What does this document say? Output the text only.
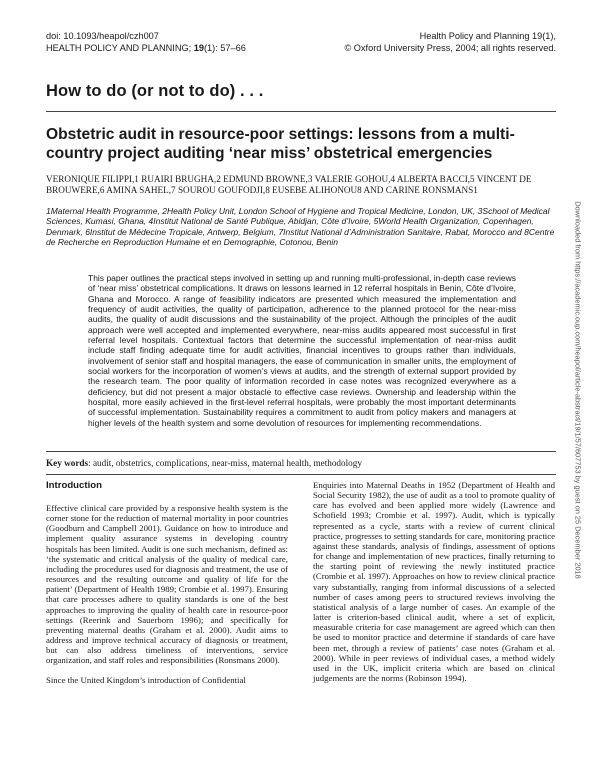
doi: 10.1093/heapol/czh007
HEALTH POLICY AND PLANNING; 19(1): 57–66
Health Policy and Planning 19(1),
© Oxford University Press, 2004; all rights reserved.
How to do (or not to do) . . .
Obstetric audit in resource-poor settings: lessons from a multi-country project auditing ‘near miss’ obstetrical emergencies
VERONIQUE FILIPPI,1 RUAIRI BRUGHA,2 EDMUND BROWNE,3 VALERIE GOHOU,4 ALBERTA BACCI,5 VINCENT DE BROUWERE,6 AMINA SAHEL,7 SOUROU GOUFODJI,8 EUSEBE ALIHONOU8 AND CARINE RONSMANS1
1Maternal Health Programme, 2Health Policy Unit, London School of Hygiene and Tropical Medicine, London, UK, 3School of Medical Sciences, Kumasi, Ghana, 4Institut National de Santé Publique, Abidjan, Côte d’Ivoire, 5World Health Organization, Copenhagen, Denmark, 6Institut de Médecine Tropicale, Antwerp, Belgium, 7Institut National d’Administration Sanitaire, Rabat, Morocco and 8Centre de Recherche en Reproduction Humaine et en Demographie, Cotonou, Benin
This paper outlines the practical steps involved in setting up and running multi-professional, in-depth case reviews of ‘near miss’ obstetrical complications. It draws on lessons learned in 12 referral hospitals in Benin, Côte d’Ivoire, Ghana and Morocco. A range of feasibility indicators are presented which measured the implementation and frequency of audit activities, the quality of participation, adherence to the planned protocol for the near-miss audits, the quality of audit discussions and the sustainability of the project. Although the principles of the audit approach were well accepted and implemented everywhere, near-miss audits appeared most successful in first referral level hospitals. Contextual factors that determine the successful implementation of near-miss audit include staff finding adequate time for audit activities, financial incentives to groups rather than individuals, involvement of senior staff and hospital managers, the ease of communication in smaller units, the employment of social workers for the incorporation of women’s views at audits, and the strength of external support provided by the research team. The poor quality of information recorded in case notes was recognized everywhere as a deficiency, but did not present a major obstacle to effective case reviews. Ownership and leadership within the hospital, more easily achieved in the first-level referral hospitals, were probably the most important determinants of successful implementation. Sustainability requires a commitment to audit from policy makers and managers at higher levels of the health system and some devolution of resources for implementing recommendations.
Key words: audit, obstetrics, complications, near-miss, maternal health, methodology
Introduction

Effective clinical care provided by a responsive health system is the corner stone for the reduction of maternal mortality in poor countries (Goodburn and Campbell 2001). Guidance on how to introduce and implement quality assurance systems in developing country hospitals has been limited. Audit is one such mechanism, defined as: ‘the systematic and critical analysis of the quality of medical care, including the procedures used for diagnosis and treatment, the use of resources and the resulting outcome and quality of life for the patient’ (Department of Health 1989; Crombie et al. 1997). Ensuring that care processes adhere to quality standards is one of the best approaches to improving the quality of health care in resource-poor settings (Reerink and Sauerborn 1996); and specifically for preventing maternal deaths (Graham et al. 2000). Audit aims to address and improve technical accuracy of diagnosis or treatment, but can also address timeliness of interventions, service organization, and staff roles and responsibilities (Ronsmans 2000).

Since the United Kingdom’s introduction of Confidential

Enquiries into Maternal Deaths in 1952 (Department of Health and Social Security 1982), the use of audit as a tool to promote quality of care has evolved and been applied more widely (Lawrence and Schofield 1993; Crombie et al. 1997). Audit, which is typically represented as a cycle, starts with a review of current clinical practice, progresses to setting standards for care, monitoring practice against these standards, analysis of findings, assessment of options for change and implementation of new practices, finally returning to the starting point of reviewing the newly instituted practice (Crombie et al. 1997). Approaches on how to review clinical practice vary substantially, ranging from informal discussions of a selected number of cases among peers to structured reviews involving the statistical analysis of a large number of cases. An example of the latter is criterion-based clinical audit, where a set of explicit, measurable criteria for case management are agreed which can then be used to monitor practice and determine if standards of care have been met, through a review of patients’ case notes (Graham et al. 2000). While in peer reviews of individual cases, a method widely used in the UK, implicit criteria which are based on clinical judgements are the norms (Robinson 1994).

Downloaded from https://academic.oup.com/heapol/article-abstract/19/1/57/607753 by guest on 25 December 2018
